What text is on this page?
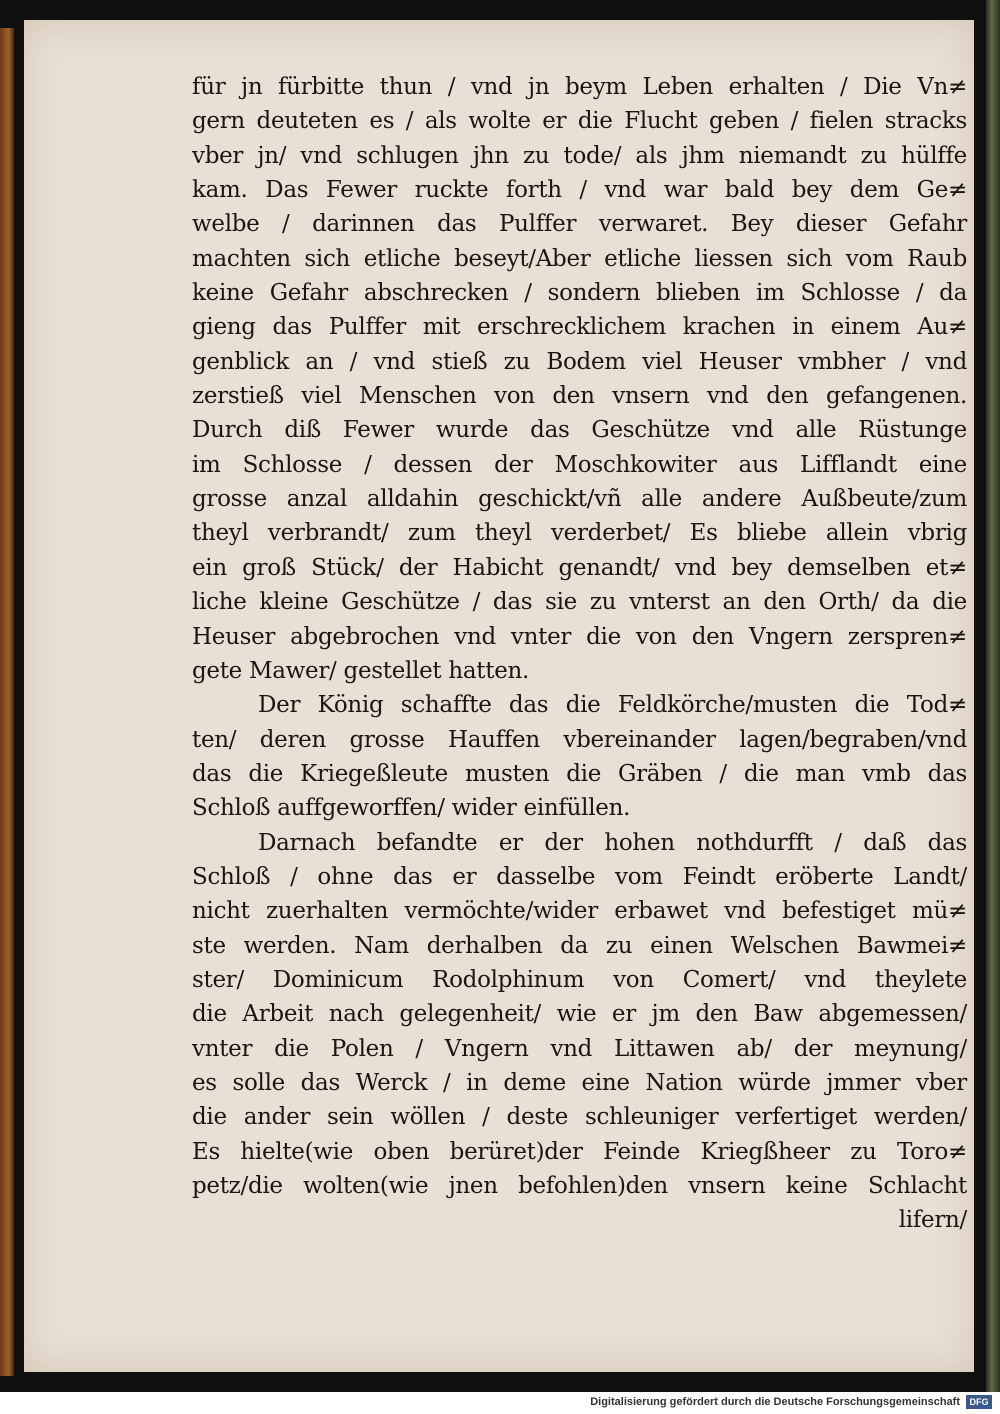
für jn fürbitte thun / vnd jn beym Leben erhalten / Die Vn≠
gern deuteten es / als wolte er die Flucht geben / fielen stracks
vber jn/ vnd schlugen jhn zu tode/ als jhm niemandt zu hülffe
kam. Das Fewer ruckte forth / vnd war bald bey dem Ge≠
welbe / darinnen das Pulffer verwaret. Bey dieser Gefahr
machten sich etliche beseyt/Aber etliche liessen sich vom Raub
keine Gefahr abschrecken / sondern blieben im Schlosse / da
gieng das Pulffer mit erschrecklichem krachen in einem Au≠
genblick an / vnd stieß zu Bodem viel Heuser vmbher / vnd
zerstieß viel Menschen von den vnsern vnd den gefangenen.
Durch diß Fewer wurde das Geschütze vnd alle Rüstunge
im Schlosse / dessen der Moschkowiter aus Lifflandt eine
grosse anzal alldahin geschickt/vñ alle andere Außbeute/zum
theyl verbrandt/ zum theyl verderbet/ Es bliebe allein vbrig
ein groß Stück/ der Habicht genandt/ vnd bey demselben et≠
liche kleine Geschütze / das sie zu vnterst an den Orth/ da die
Heuser abgebrochen vnd vnter die von den Vngern zerspren≠
gete Mawer/ gestellet hatten.
Der König schaffte das die Feldkörche/musten die Tod≠
ten/ deren grosse Hauffen vbereinander lagen/begraben/vnd
das die Kriegeßleute musten die Gräben / die man vmb das
Schloß auffgeworffen/ wider einfüllen.
Darnach befandte er der hohen nothdurfft / daß das
Schloß / ohne das er dasselbe vom Feindt eröberte Landt/
nicht zuerhalten vermöchte/wider erbawet vnd befestiget mü≠
ste werden. Nam derhalben da zu einen Welschen Bawmei≠
ster/ Dominicum Rodolphinum von Comert/ vnd theylete
die Arbeit nach gelegenheit/ wie er jm den Baw abgemessen/
vnter die Polen / Vngern vnd Littawen ab/ der meynung/
es solle das Werck / in deme eine Nation würde jmmer vber
die ander sein wöllen / deste schleuniger verfertiget werden/
Es hielte(wie oben berüret)der Feinde Kriegßheer zu Toro≠
petz/die wolten(wie jnen befohlen)den vnsern keine Schlacht
lifern/
Digitalisierung gefördert durch die Deutsche Forschungsgemeinschaft	DFG
